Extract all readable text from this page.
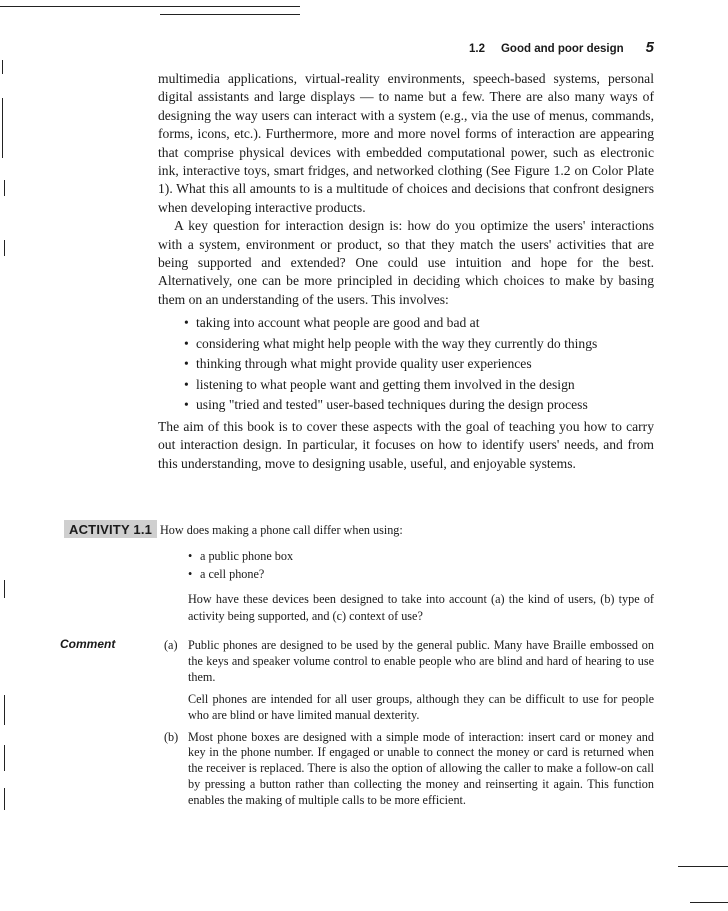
1.2 Good and poor design 5

multimedia applications, virtual-reality environments, speech-based systems, personal digital assistants and large displays — to name but a few. There are also many ways of designing the way users can interact with a system (e.g., via the use of menus, commands, forms, icons, etc.). Furthermore, more and more novel forms of interaction are appearing that comprise physical devices with embedded computational power, such as electronic ink, interactive toys, smart fridges, and networked clothing (See Figure 1.2 on Color Plate 1). What this all amounts to is a multitude of choices and decisions that confront designers when developing interactive products.

A key question for interaction design is: how do you optimize the users' interactions with a system, environment or product, so that they match the users' activities that are being supported and extended? One could use intuition and hope for the best. Alternatively, one can be more principled in deciding which choices to make by basing them on an understanding of the users. This involves:

• taking into account what people are good and bad at
• considering what might help people with the way they currently do things
• thinking through what might provide quality user experiences
• listening to what people want and getting them involved in the design
• using "tried and tested" user-based techniques during the design process

The aim of this book is to cover these aspects with the goal of teaching you how to carry out interaction design. In particular, it focuses on how to identify users' needs, and from this understanding, move to designing usable, useful, and enjoyable systems.

ACTIVITY 1.1 How does making a phone call differ when using:

• a public phone box
• a cell phone?

How have these devices been designed to take into account (a) the kind of users, (b) type of activity being supported, and (c) context of use?

Comment	(a) Public phones are designed to be used by the general public. Many have Braille embossed on the keys and speaker volume control to enable people who are blind and hard of hearing to use them.

Cell phones are intended for all user groups, although they can be difficult to use for people who are blind or have limited manual dexterity.

(b) Most phone boxes are designed with a simple mode of interaction: insert card or money and key in the phone number. If engaged or unable to connect the money or card is returned when the receiver is replaced. There is also the option of allowing the caller to make a follow-on call by pressing a button rather than collecting the money and reinserting it again. This function enables the making of multiple calls to be more efficient.
